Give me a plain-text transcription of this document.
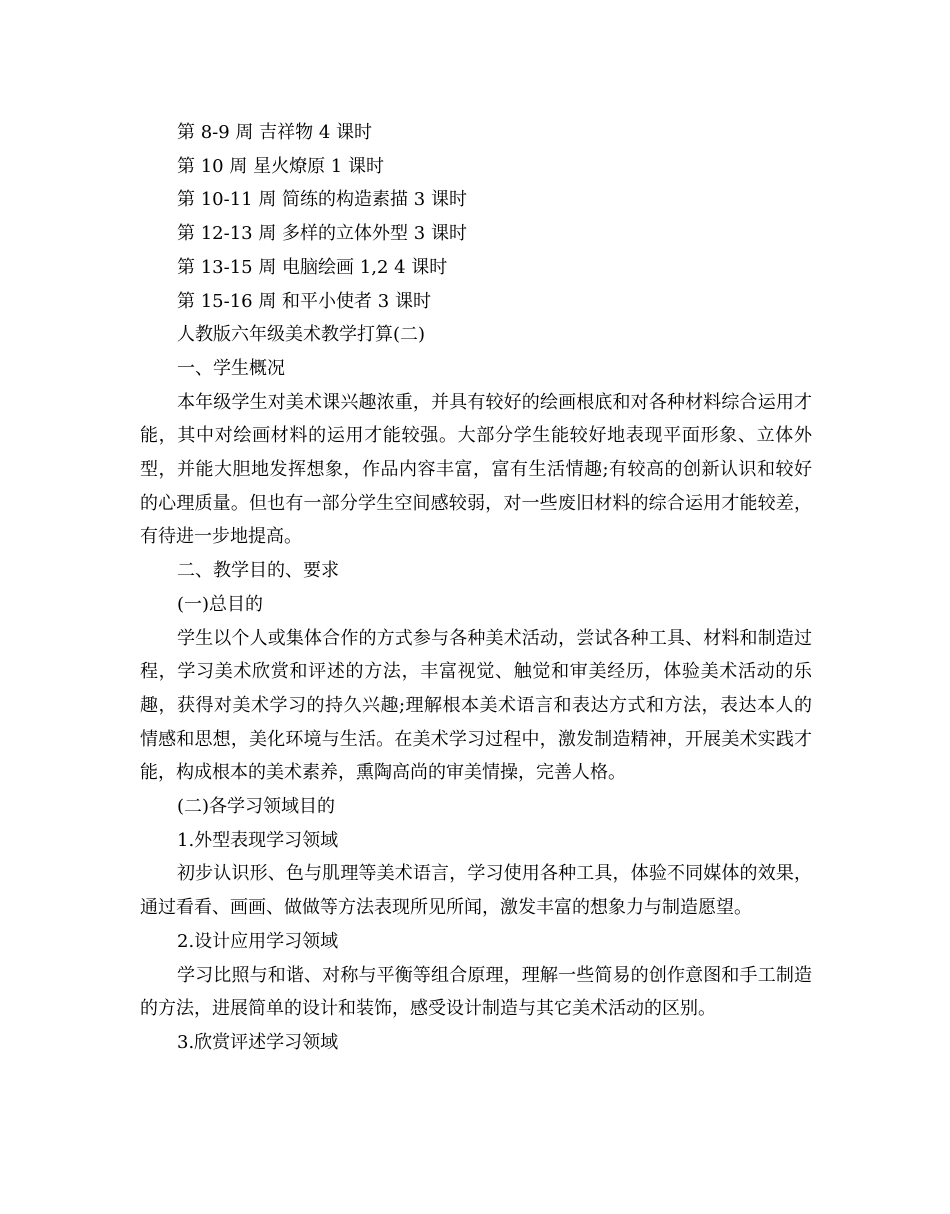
第 8-9 周 吉祥物 4 课时
第 10 周 星火燎原 1 课时
第 10-11 周 简练的构造素描 3 课时
第 12-13 周 多样的立体外型 3 课时
第 13-15 周 电脑绘画 1,2 4 课时
第 15-16 周 和平小使者 3 课时
人教版六年级美术教学打算(二)
一、学生概况

本年级学生对美术课兴趣浓重，并具有较好的绘画根底和对各种材料综合运用才能，其中对绘画材料的运用才能较强。大部分学生能较好地表现平面形象、立体外型，并能大胆地发挥想象，作品内容丰富，富有生活情趣;有较高的创新认识和较好的心理质量。但也有一部分学生空间感较弱，对一些废旧材料的综合运用才能较差，有待进一步地提高。

二、教学目的、要求
(一)总目的

学生以个人或集体合作的方式参与各种美术活动，尝试各种工具、材料和制造过程，学习美术欣赏和评述的方法，丰富视觉、触觉和审美经历，体验美术活动的乐趣，获得对美术学习的持久兴趣;理解根本美术语言和表达方式和方法，表达本人的情感和思想，美化环境与生活。在美术学习过程中，激发制造精神，开展美术实践才能，构成根本的美术素养，熏陶高尚的审美情操，完善人格。

(二)各学习领域目的
1.外型表现学习领域

初步认识形、色与肌理等美术语言，学习使用各种工具，体验不同媒体的效果，通过看看、画画、做做等方法表现所见所闻，激发丰富的想象力与制造愿望。

2.设计应用学习领域

学习比照与和谐、对称与平衡等组合原理，理解一些简易的创作意图和手工制造的方法，进展简单的设计和装饰，感受设计制造与其它美术活动的区别。

3.欣赏评述学习领域
